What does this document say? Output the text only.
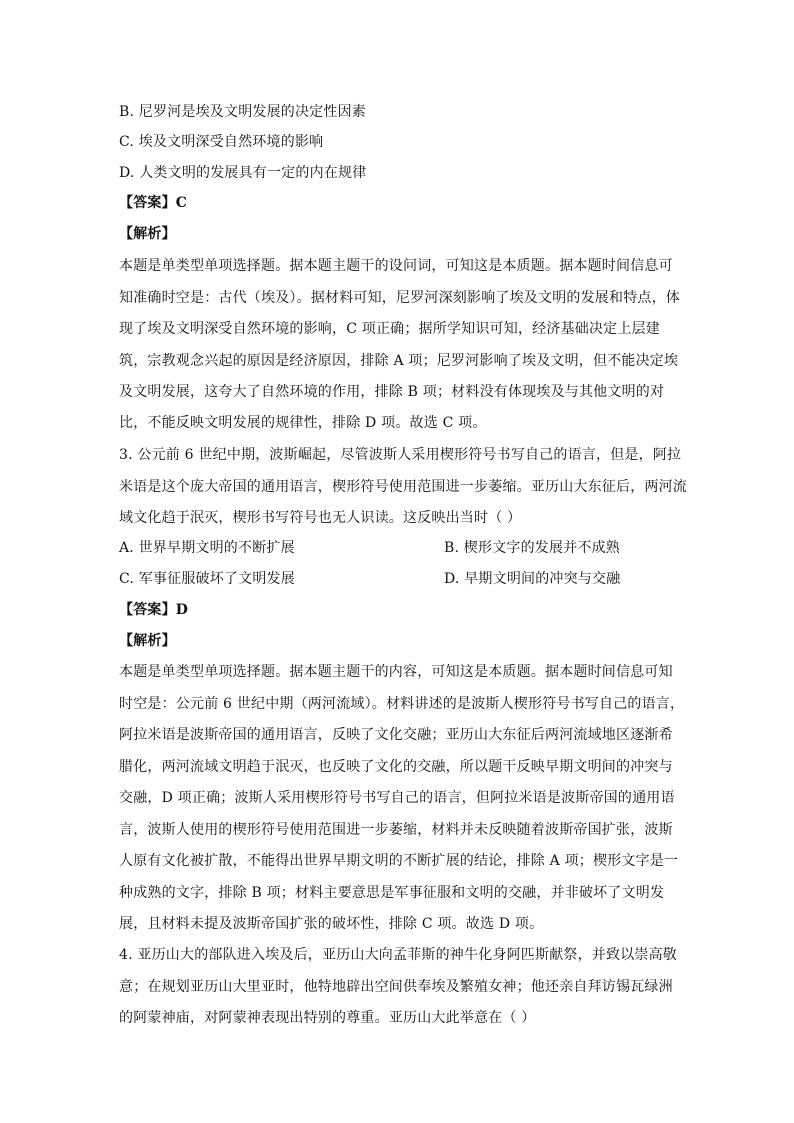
B. 尼罗河是埃及文明发展的决定性因素
C. 埃及文明深受自然环境的影响
D. 人类文明的发展具有一定的内在规律
【答案】C
【解析】
本题是单类型单项选择题。据本题主题干的设问词，可知这是本质题。据本题时间信息可
知准确时空是：古代（埃及）。据材料可知，尼罗河深刻影响了埃及文明的发展和特点，体
现了埃及文明深受自然环境的影响，C 项正确；据所学知识可知，经济基础决定上层建
筑，宗教观念兴起的原因是经济原因，排除 A 项；尼罗河影响了埃及文明，但不能决定埃
及文明发展，这夸大了自然环境的作用，排除 B 项；材料没有体现埃及与其他文明的对
比，不能反映文明发展的规律性，排除 D 项。故选 C 项。
3. 公元前 6 世纪中期，波斯崛起，尽管波斯人采用楔形符号书写自己的语言，但是，阿拉
米语是这个庞大帝国的通用语言，楔形符号使用范围进一步萎缩。亚历山大东征后，两河流
域文化趋于泯灭，楔形书写符号也无人识读。这反映出当时（ ）
A. 世界早期文明的不断扩展	B. 楔形文字的发展并不成熟
C. 军事征服破坏了文明发展	D. 早期文明间的冲突与交融
【答案】D
【解析】
本题是单类型单项选择题。据本题主题干的内容，可知这是本质题。据本题时间信息可知
时空是：公元前 6 世纪中期（两河流域）。材料讲述的是波斯人楔形符号书写自己的语言，
阿拉米语是波斯帝国的通用语言，反映了文化交融；亚历山大东征后两河流域地区逐渐希
腊化，两河流域文明趋于泯灭，也反映了文化的交融，所以题干反映早期文明间的冲突与
交融，D 项正确；波斯人采用楔形符号书写自己的语言，但阿拉米语是波斯帝国的通用语
言，波斯人使用的楔形符号使用范围进一步萎缩，材料并未反映随着波斯帝国扩张，波斯
人原有文化被扩散，不能得出世界早期文明的不断扩展的结论，排除 A 项；楔形文字是一
种成熟的文字，排除 B 项；材料主要意思是军事征服和文明的交融，并非破坏了文明发
展，且材料未提及波斯帝国扩张的破坏性，排除 C 项。故选 D 项。
4. 亚历山大的部队进入埃及后，亚历山大向孟菲斯的神牛化身阿匹斯献祭，并致以崇高敬
意；在规划亚历山大里亚时，他特地辟出空间供奉埃及繁殖女神；他还亲自拜访锡瓦绿洲
的阿蒙神庙，对阿蒙神表现出特别的尊重。亚历山大此举意在（ ）
